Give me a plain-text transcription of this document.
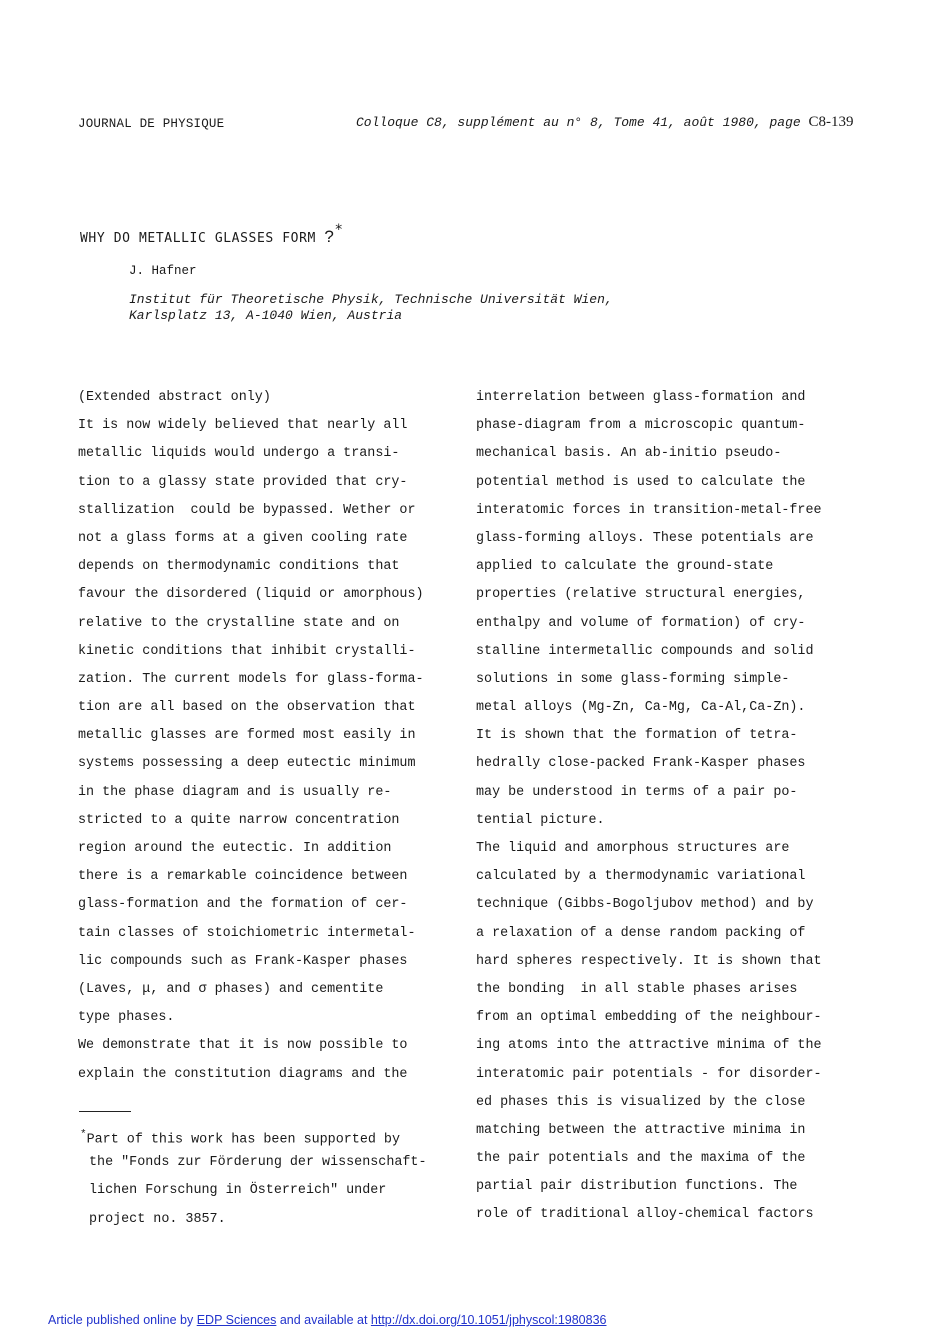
JOURNAL DE PHYSIQUE	Colloque C8, supplément au n° 8, Tome 41, août 1980, page C8-139
WHY DO METALLIC GLASSES FORM ?*
J. Hafner
Institut für Theoretische Physik, Technische Universität Wien,
Karlsplatz 13, A-1040 Wien, Austria
(Extended abstract only)
It is now widely believed that nearly all
metallic liquids would undergo a transi-
tion to a glassy state provided that cry-
stallization  could be bypassed. Wether or
not a glass forms at a given cooling rate
depends on thermodynamic conditions that
favour the disordered (liquid or amorphous)
relative to the crystalline state and on
kinetic conditions that inhibit crystalli-
zation. The current models for glass-forma-
tion are all based on the observation that
metallic glasses are formed most easily in
systems possessing a deep eutectic minimum
in the phase diagram and is usually re-
stricted to a quite narrow concentration
region around the eutectic. In addition
there is a remarkable coincidence between
glass-formation and the formation of cer-
tain classes of stoichiometric intermetal-
lic compounds such as Frank-Kasper phases
(Laves, μ, and σ phases) and cementite
type phases.
We demonstrate that it is now possible to
explain the constitution diagrams and the
interrelation between glass-formation and
phase-diagram from a microscopic quantum-
mechanical basis. An ab-initio pseudo-
potential method is used to calculate the
interatomic forces in transition-metal-free
glass-forming alloys. These potentials are
applied to calculate the ground-state
properties (relative structural energies,
enthalpy and volume of formation) of cry-
stalline intermetallic compounds and solid
solutions in some glass-forming simple-
metal alloys (Mg-Zn, Ca-Mg, Ca-Al,Ca-Zn).
It is shown that the formation of tetra-
hedrally close-packed Frank-Kasper phases
may be understood in terms of a pair po-
tential picture.
The liquid and amorphous structures are
calculated by a thermodynamic variational
technique (Gibbs-Bogoljubov method) and by
a relaxation of a dense random packing of
hard spheres respectively. It is shown that
the bonding  in all stable phases arises
from an optimal embedding of the neighbour-
ing atoms into the attractive minima of the
interatomic pair potentials - for disorder-
ed phases this is visualized by the close
matching between the attractive minima in
the pair potentials and the maxima of the
partial pair distribution functions. The
role of traditional alloy-chemical factors
*Part of this work has been supported by
the "Fonds zur Förderung der wissenschaft-
lichen Forschung in Österreich" under
project no. 3857.
Article published online by EDP Sciences and available at http://dx.doi.org/10.1051/jphyscol:1980836
